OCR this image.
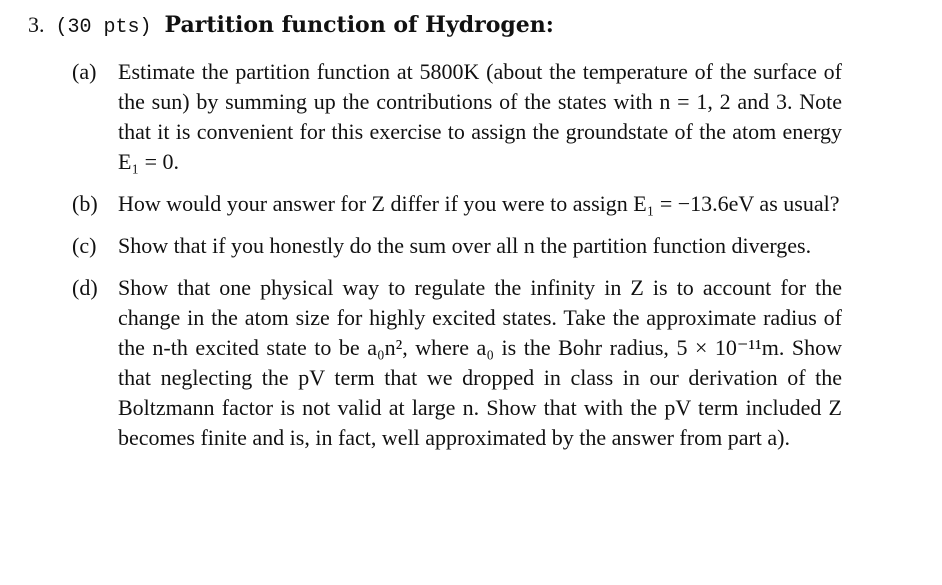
3. (30 pts) Partition function of Hydrogen:
(a) Estimate the partition function at 5800K (about the temperature of the surface of the sun) by summing up the contributions of the states with n = 1, 2 and 3. Note that it is convenient for this exercise to assign the groundstate of the atom energy E₁ = 0.
(b) How would your answer for Z differ if you were to assign E₁ = −13.6eV as usual?
(c) Show that if you honestly do the sum over all n the partition function diverges.
(d) Show that one physical way to regulate the infinity in Z is to account for the change in the atom size for highly excited states. Take the approximate radius of the n-th excited state to be a₀n², where a₀ is the Bohr radius, 5 × 10⁻¹¹m. Show that neglecting the pV term that we dropped in class in our derivation of the Boltzmann factor is not valid at large n. Show that with the pV term included Z becomes finite and is, in fact, well approximated by the answer from part a).
